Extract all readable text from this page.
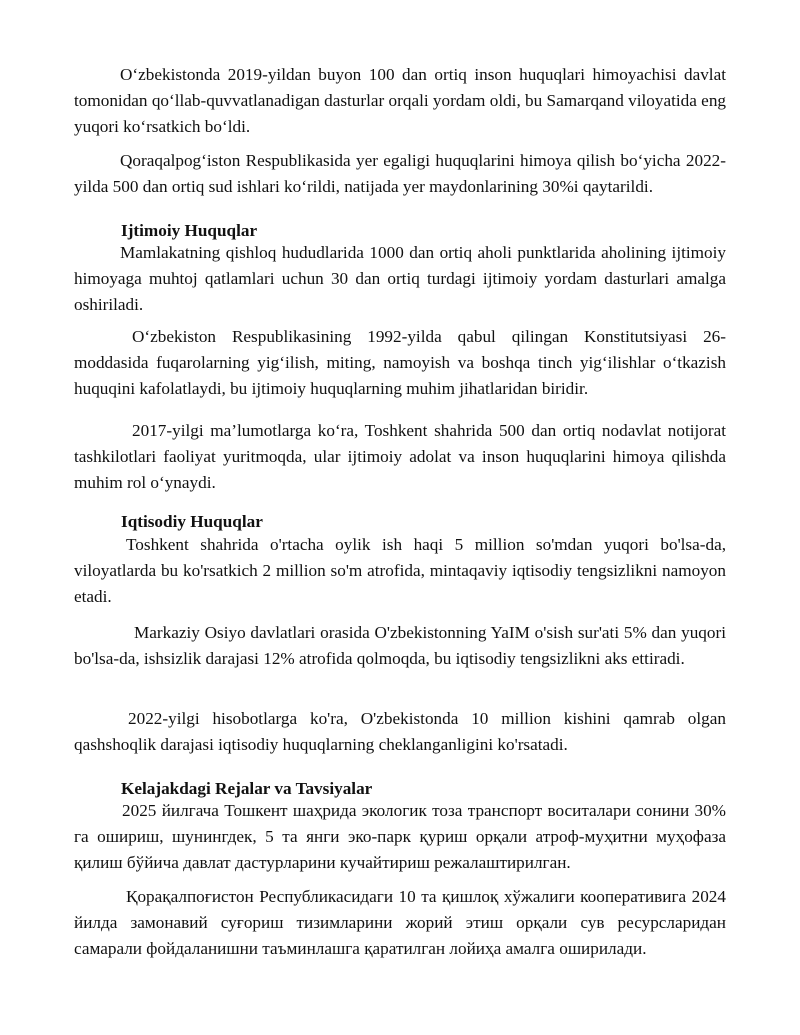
O‘zbekistonda 2019-yildan buyon 100 dan ortiq inson huquqlari himoyachisi davlat tomonidan qo‘llab-quvvatlanadigan dasturlar orqali yordam oldi, bu Samarqand viloyatida eng yuqori ko‘rsatkich bo‘ldi.

Qoraqalpog‘iston Respublikasida yer egaligi huquqlarini himoya qilish bo‘yicha 2022-yilda 500 dan ortiq sud ishlari ko‘rildi, natijada yer maydonlarining 30%i qaytarildi.

Ijtimoiy Huquqlar

Mamlakatning qishloq hududlarida 1000 dan ortiq aholi punktlarida aholining ijtimoiy himoyaga muhtoj qatlamlari uchun 30 dan ortiq turdagi ijtimoiy yordam dasturlari amalga oshiriladi.

O‘zbekiston Respublikasining 1992-yilda qabul qilingan Konstitutsiyasi 26-moddasida fuqarolarning yig‘ilish, miting, namoyish va boshqa tinch yig‘ilishlar o‘tkazish huquqini kafolatlaydi, bu ijtimoiy huquqlarning muhim jihatlaridan biridir.

2017-yilgi ma’lumotlarga ko‘ra, Toshkent shahrida 500 dan ortiq nodavlat notijorat tashkilotlari faoliyat yuritmoqda, ular ijtimoiy adolat va inson huquqlarini himoya qilishda muhim rol o‘ynaydi.

Iqtisodiy Huquqlar

Toshkent shahrida o'rtacha oylik ish haqi 5 million so'mdan yuqori bo'lsa-da, viloyatlarda bu ko'rsatkich 2 million so'm atrofida, mintaqaviy iqtisodiy tengsizlikni namoyon etadi.

Markaziy Osiyo davlatlari orasida O'zbekistonning YaIM o'sish sur'ati 5% dan yuqori bo'lsa-da, ishsizlik darajasi 12% atrofida qolmoqda, bu iqtisodiy tengsizlikni aks ettiradi.

2022-yilgi hisobotlarga ko'ra, O'zbekistonda 10 million kishini qamrab olgan qashshoqlik darajasi iqtisodiy huquqlarning cheklanganligini ko'rsatadi.

Kelajakdagi Rejalar va Tavsiyalar

2025 йилгача Тошкент шаҳрида экологик тоза транспорт воситалари сонини 30% га ошириш, шунингдек, 5 та янги эко-парк қуриш орқали атроф-муҳитни муҳофаза қилиш бўйича давлат дастурларини кучайтириш режалаштирилган.

Қорақалпоғистон Республикасидаги 10 та қишлоқ хўжалиги кооперативига 2024 йилда замонавий суғориш тизимларини жорий этиш орқали сув ресурсларидан самарали фойдаланишни таъминлашга қаратилган лойиҳа амалга оширилади.
